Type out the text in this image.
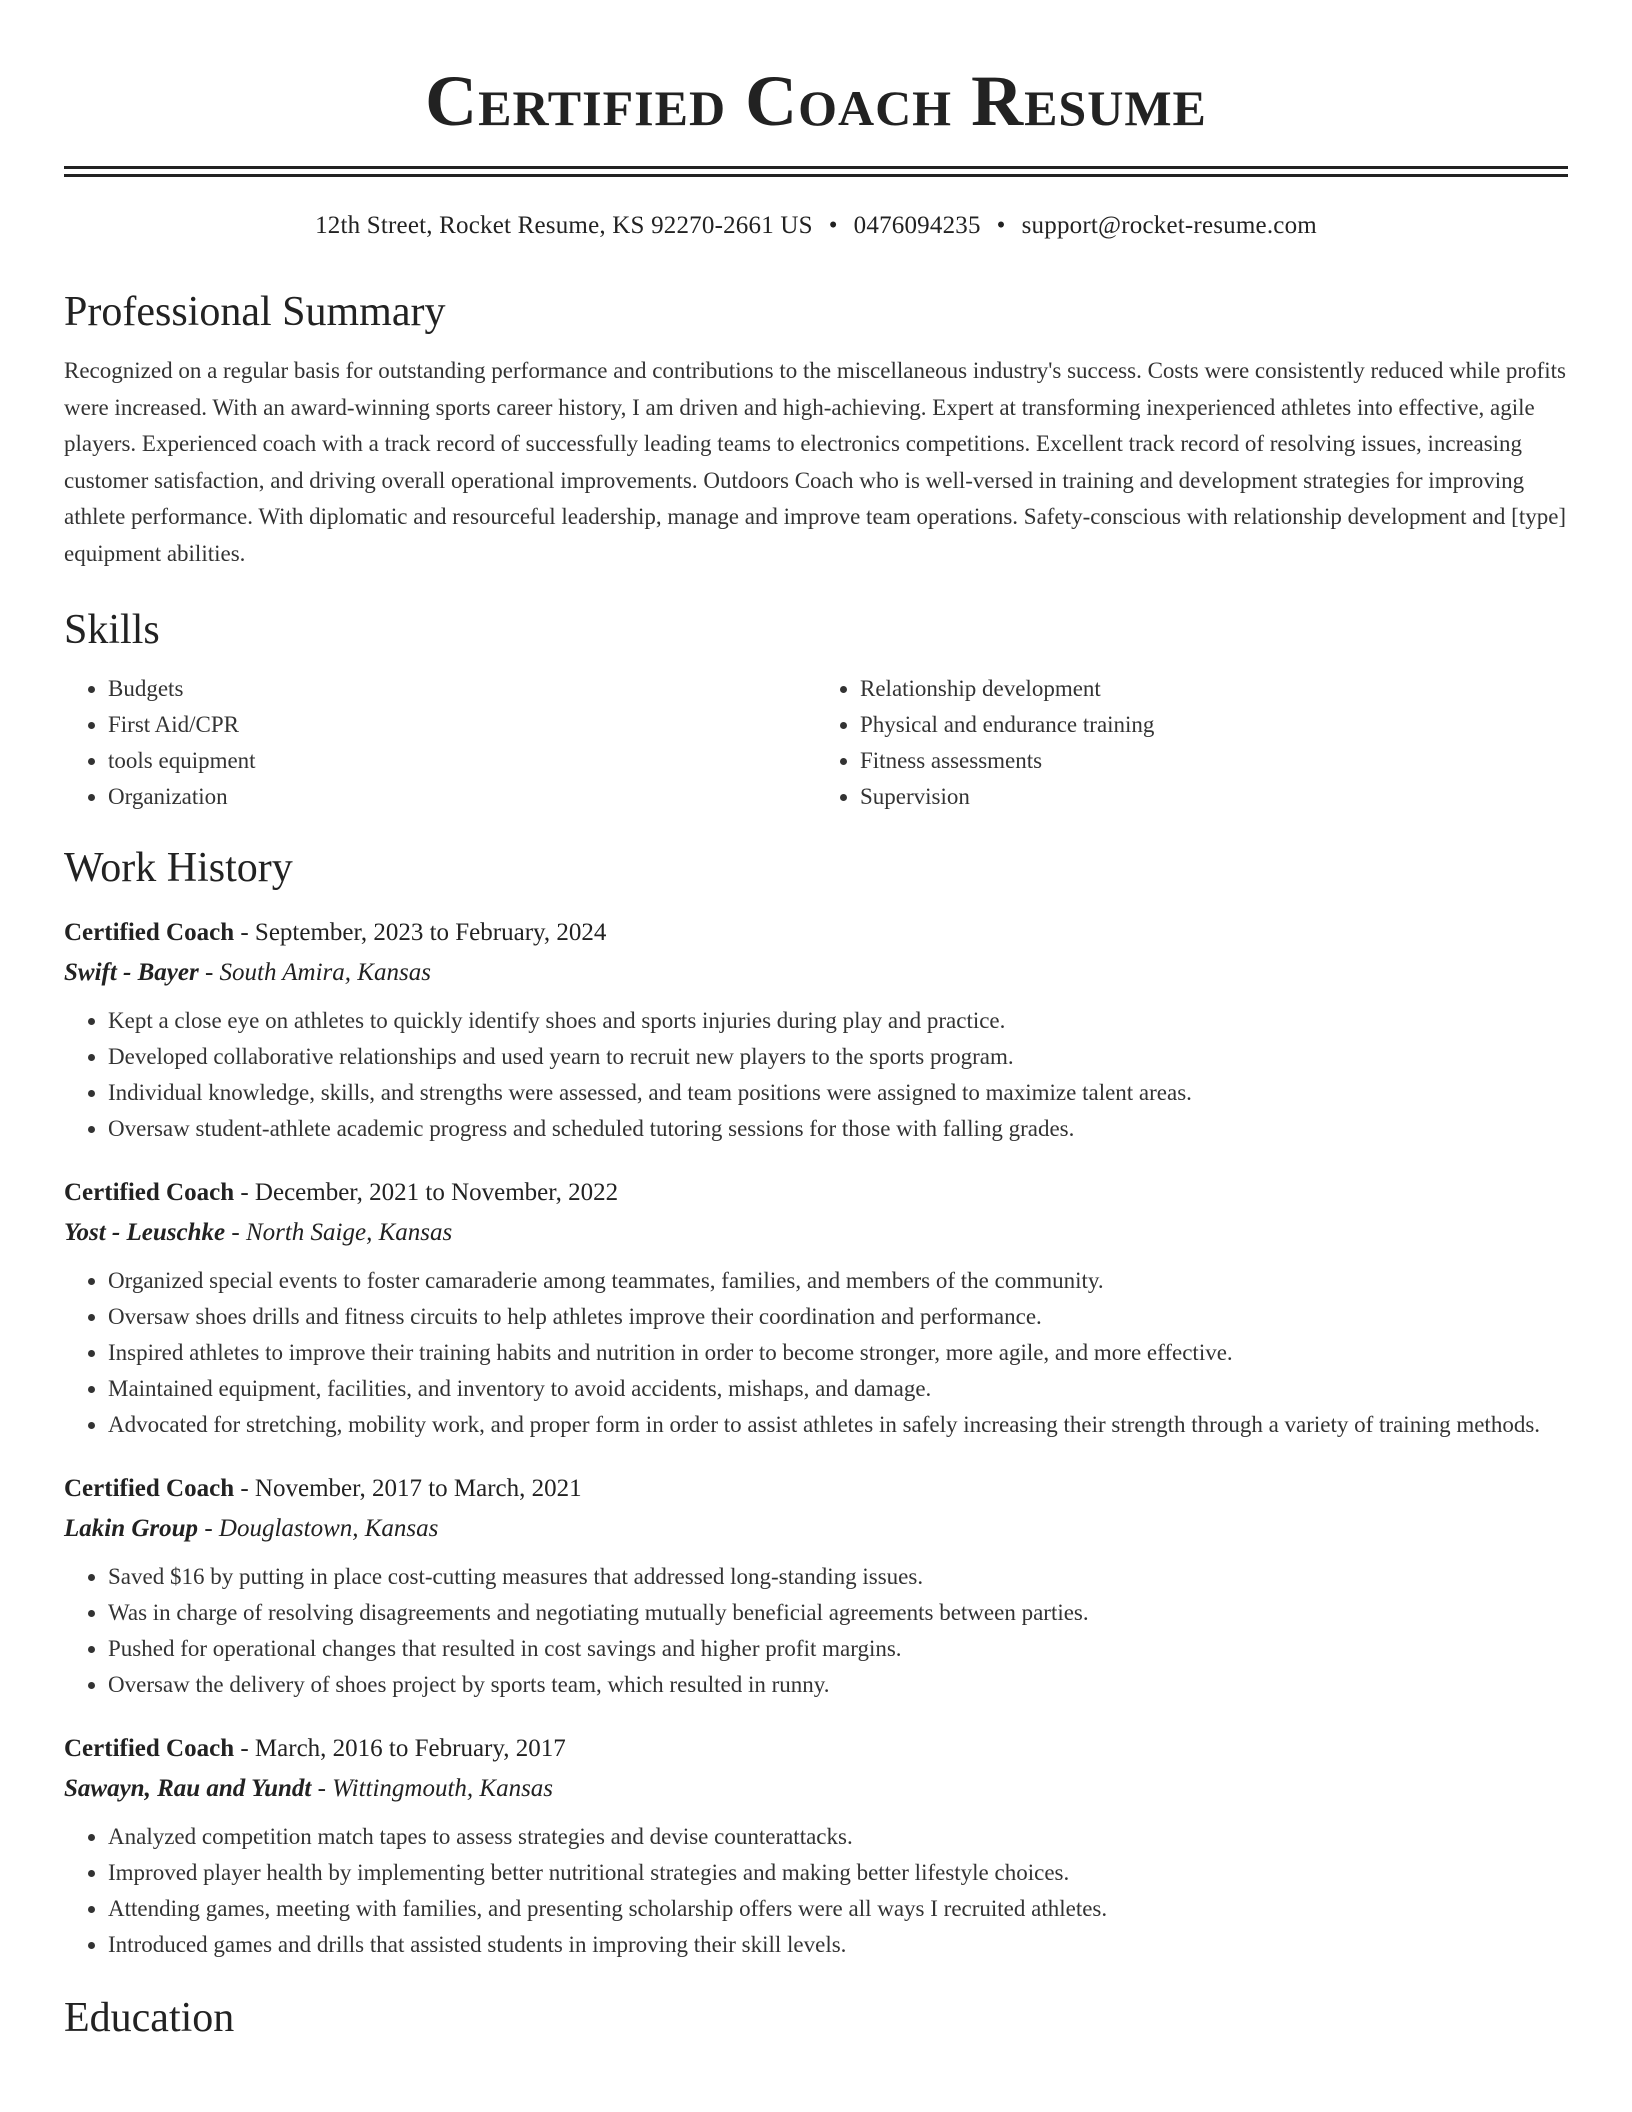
Certified Coach Resume
12th Street, Rocket Resume, KS 92270-2661 US • 0476094235 • support@rocket-resume.com
Professional Summary

Recognized on a regular basis for outstanding performance and contributions to the miscellaneous industry's success. Costs were consistently reduced while profits were increased. With an award-winning sports career history, I am driven and high-achieving. Expert at transforming inexperienced athletes into effective, agile players. Experienced coach with a track record of successfully leading teams to electronics competitions. Excellent track record of resolving issues, increasing customer satisfaction, and driving overall operational improvements. Outdoors Coach who is well-versed in training and development strategies for improving athlete performance. With diplomatic and resourceful leadership, manage and improve team operations. Safety-conscious with relationship development and [type] equipment abilities.

Skills
• Budgets
• First Aid/CPR
• tools equipment
• Organization
• Relationship development
• Physical and endurance training
• Fitness assessments
• Supervision
Work History
Certified Coach - September, 2023 to February, 2024
Swift - Bayer - South Amira, Kansas
• Kept a close eye on athletes to quickly identify shoes and sports injuries during play and practice.
• Developed collaborative relationships and used yearn to recruit new players to the sports program.
• Individual knowledge, skills, and strengths were assessed, and team positions were assigned to maximize talent areas.
• Oversaw student-athlete academic progress and scheduled tutoring sessions for those with falling grades.
Certified Coach - December, 2021 to November, 2022
Yost - Leuschke - North Saige, Kansas
• Organized special events to foster camaraderie among teammates, families, and members of the community.
• Oversaw shoes drills and fitness circuits to help athletes improve their coordination and performance.
• Inspired athletes to improve their training habits and nutrition in order to become stronger, more agile, and more effective.
• Maintained equipment, facilities, and inventory to avoid accidents, mishaps, and damage.
• Advocated for stretching, mobility work, and proper form in order to assist athletes in safely increasing their strength through a variety of training methods.
Certified Coach - November, 2017 to March, 2021
Lakin Group - Douglastown, Kansas
• Saved $16 by putting in place cost-cutting measures that addressed long-standing issues.
• Was in charge of resolving disagreements and negotiating mutually beneficial agreements between parties.
• Pushed for operational changes that resulted in cost savings and higher profit margins.
• Oversaw the delivery of shoes project by sports team, which resulted in runny.
Certified Coach - March, 2016 to February, 2017
Sawayn, Rau and Yundt - Wittingmouth, Kansas
• Analyzed competition match tapes to assess strategies and devise counterattacks.
• Improved player health by implementing better nutritional strategies and making better lifestyle choices.
• Attending games, meeting with families, and presenting scholarship offers were all ways I recruited athletes.
• Introduced games and drills that assisted students in improving their skill levels.
Education
